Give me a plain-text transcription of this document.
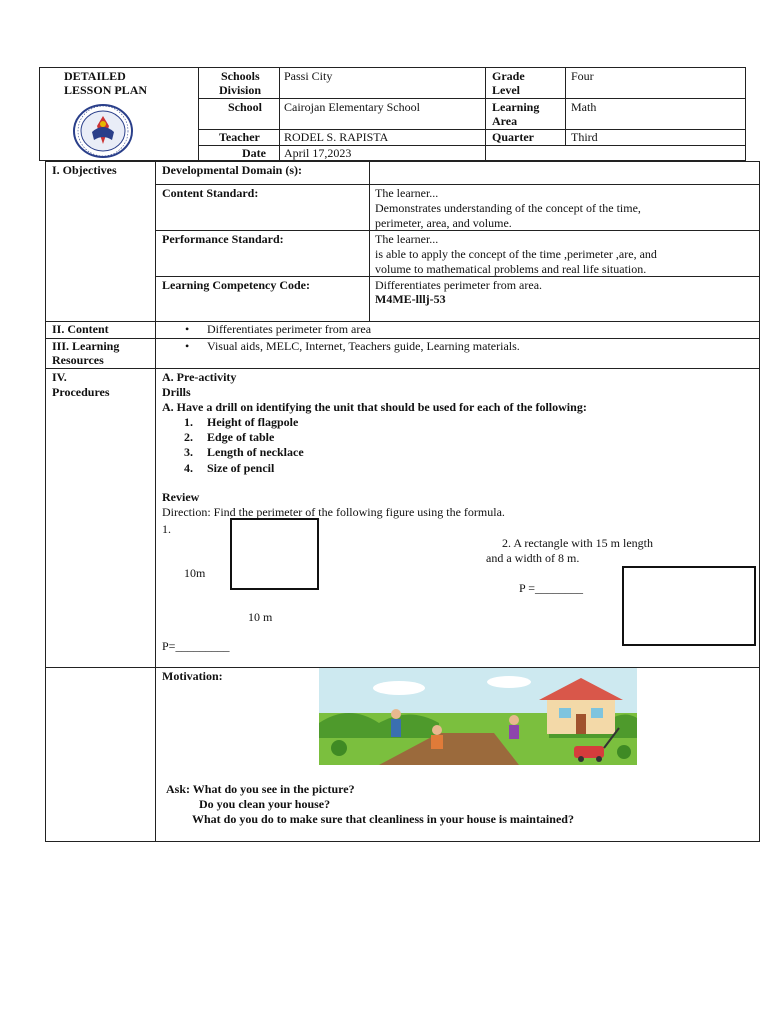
DETAILED
LESSON PLAN
Schools
Division
Passi City
School Cairojan Elementary School
Teacher RODEL S. RAPISTA
Date April 17,2023
Grade
Level
Four
Learning
Area
Math
Quarter	Third
I. Objectives	Developmental Domain (s):
Content Standard:	The learner...
Demonstrates understanding of the concept of the time,
perimeter, area, and volume.
Performance Standard:	The learner...
is able to apply the concept of the time ,perimeter ,are, and
volume to mathematical problems and real life situation.
Learning Competency Code:	Differentiates perimeter from area.
M4ME-lllj-53
II. Content
•	Differentiates perimeter from area
III. Learning
Resources
• Visual aids, MELC, Internet, Teachers guide, Learning materials.
IV.
Procedures
A. Pre-activity
Drills
A. Have a drill on identifying the unit that should be used for each of the following:
1. Height of flagpole
2. Edge of table
3. Length of necklace
4. Size of pencil
Review
Direction: Find the perimeter of the following figure using the formula.
1.
10m
10 m
P=_________
2. A rectangle with 15 m length
and a width of 8 m.
P =________
Motivation:
Ask: What do you see in the picture?
Do you clean your house?
What do you do to make sure that cleanliness in your house is maintained?
